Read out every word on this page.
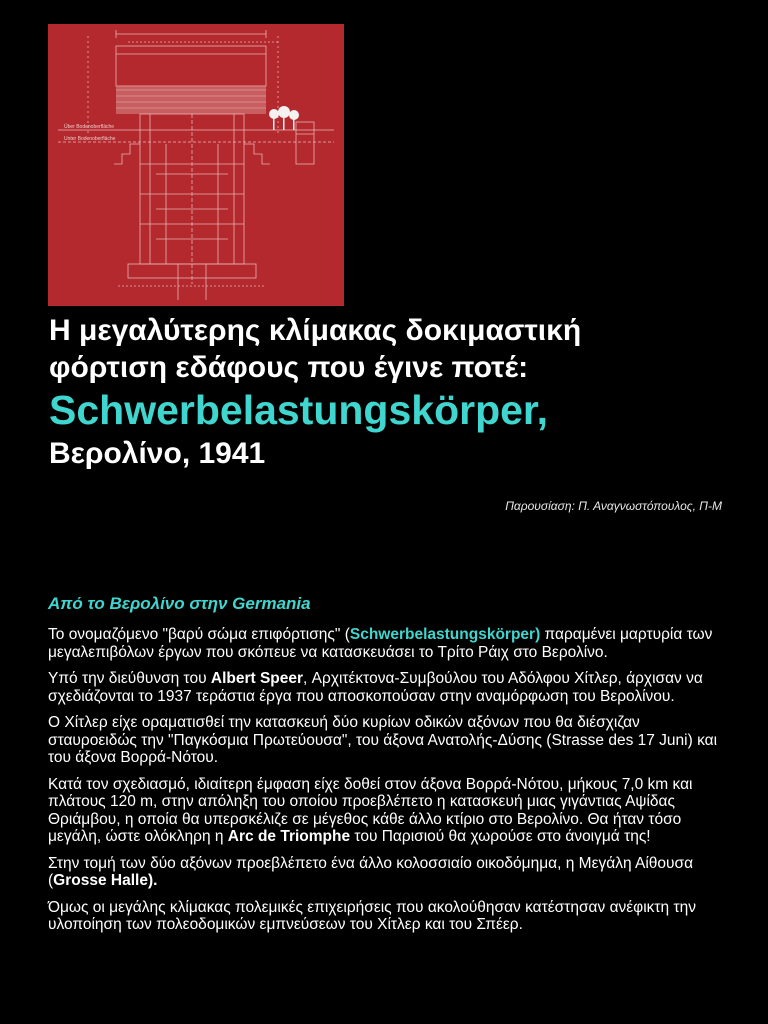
Über Bodenoberfläche
Unter Bodenoberfläche
Η μεγαλύτερης κλίμακας δοκιμαστική
φόρτιση εδάφους που έγινε ποτέ:
Schwerbelastungskörper,
Βερολίνο, 1941
Παρουσίαση: Π. Αναγνωστόπουλος, Π-Μ
Από το Βερολίνο στην Germania

Το ονομαζόμενο "βαρύ σώμα επιφόρτισης" (Schwerbelastungskörper) παραμένει μαρτυρία των μεγαλεπιβόλων έργων που σκόπευε να κατασκευάσει το Τρίτο Ράιχ στο Βερολίνο.

Υπό την διεύθυνση του Albert Speer, Αρχιτέκτονα-Συμβούλου του Αδόλφου Χίτλερ, άρχισαν να σχεδιάζονται το 1937 τεράστια έργα που αποσκοπούσαν στην αναμόρφωση του Βερολίνου.

Ο Χίτλερ είχε οραματισθεί την κατασκευή δύο κυρίων οδικών αξόνων που θα διέσχιζαν σταυροειδώς την "Παγκόσμια Πρωτεύουσα", του άξονα Ανατολής-Δύσης (Strasse des 17 Juni) και του άξονα Βορρά-Νότου.

Κατά τον σχεδιασμό, ιδιαίτερη έμφαση είχε δοθεί στον άξονα Βορρά-Νότου, μήκους 7,0 km και πλάτους 120 m, στην απόληξη του οποίου προεβλέπετο η κατασκευή μιας γιγάντιας Αψίδας Θριάμβου, η οποία θα υπερσκέλιζε σε μέγεθος κάθε άλλο κτίριο στο Βερολίνο. Θα ήταν τόσο μεγάλη, ώστε ολόκληρη η Arc de Triomphe του Παρισιού θα χωρούσε στο άνοιγμά της!

Στην τομή των δύο αξόνων προεβλέπετο ένα άλλο κολοσσιαίο οικοδόμημα, η Μεγάλη Αίθουσα (Grosse Halle).

Όμως οι μεγάλης κλίμακας πολεμικές επιχειρήσεις που ακολούθησαν κατέστησαν ανέφικτη την υλοποίηση των πολεοδομικών εμπνεύσεων του Χίτλερ και του Σπέερ.
